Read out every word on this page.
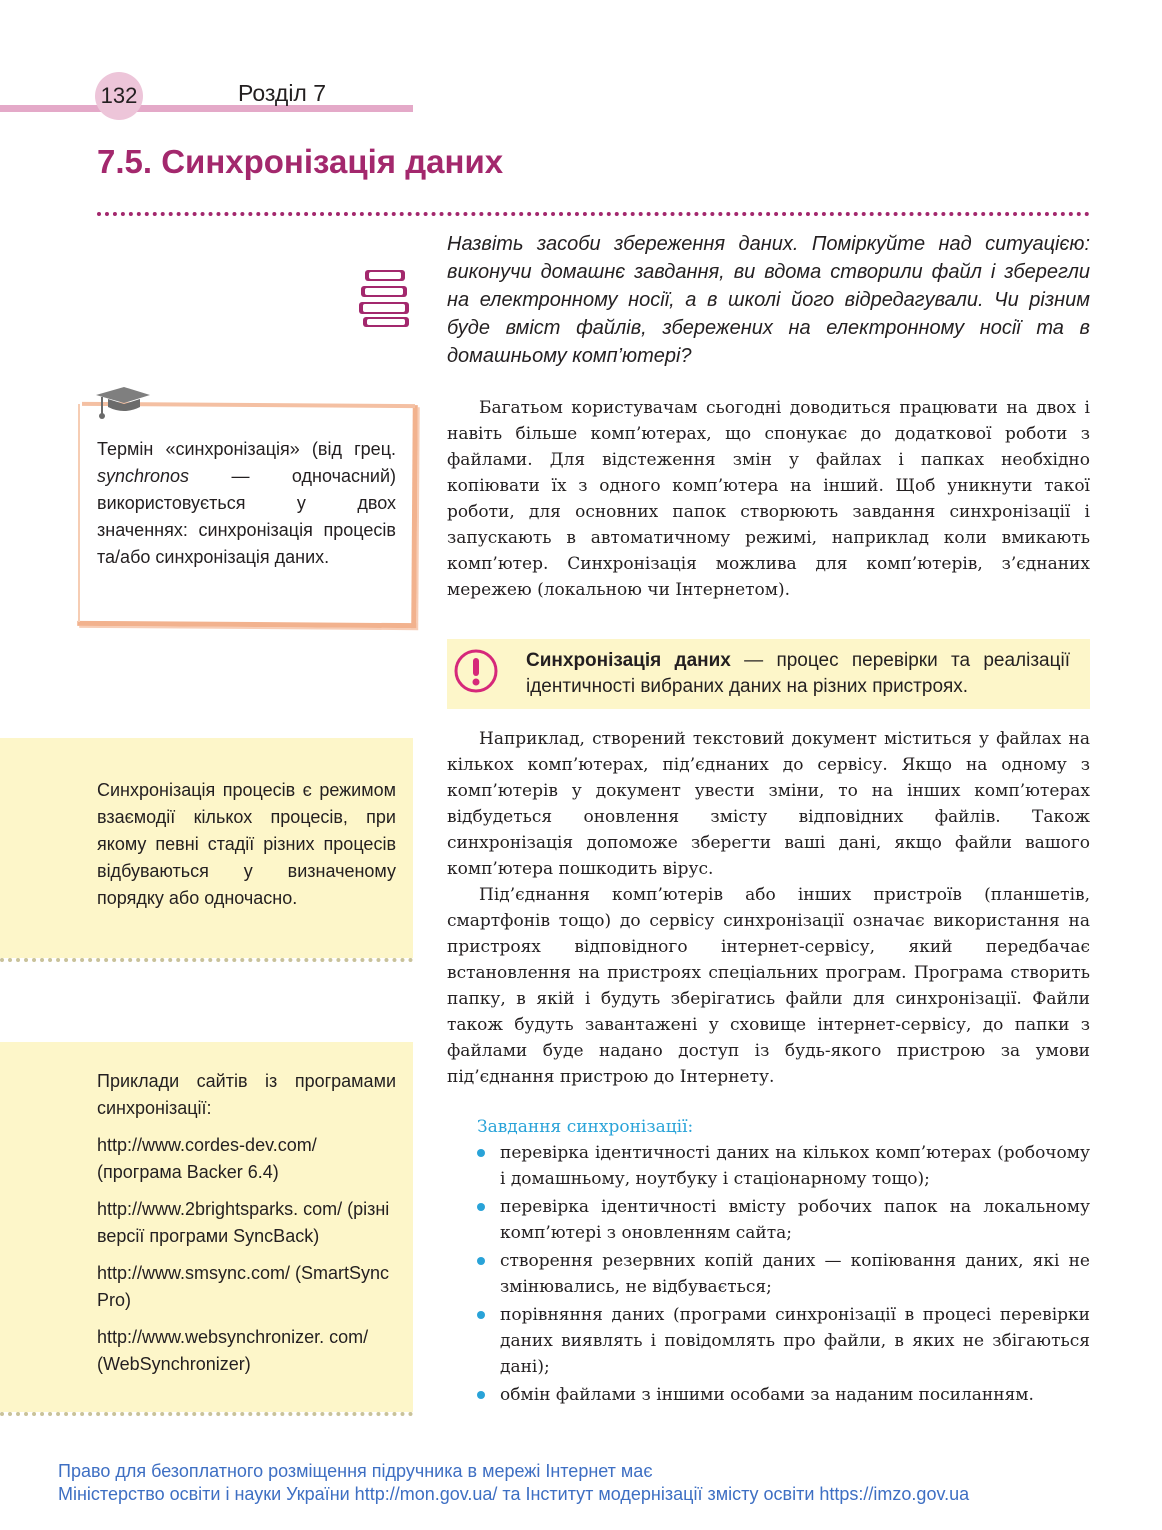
132	Розділ 7
7.5. Синхронізація даних

Назвіть засоби збереження даних. Поміркуйте над ситуацією: виконучи домашнє завдання, ви вдома створили файл і зберегли на електронному носії, а в школі його відредагували. Чи різним буде вміст файлів, збережених на електронному носії та в домашньому комп’ютері?

Термін «синхронізація» (від грец. synchronos — одночасний) використовується у двох значеннях: синхронізація процесів та/або синхронізація даних.

Багатьом користувачам сьогодні доводиться працювати на двох і навіть більше комп’ютерах, що спонукає до додаткової роботи з файлами. Для відстеження змін у файлах і папках необхідно копіювати їх з одного комп’ютера на інший. Щоб уникнути такої роботи, для основних папок створюють завдання синхронізації і запускають в автоматичному режимі, наприклад коли вмикають комп’ютер. Синхронізація можлива для комп’ютерів, з’єднаних мережею (локальною чи Інтернетом).

Синхронізація даних — процес перевірки та реалізації ідентичності вибраних даних на різних пристроях.

Наприклад, створений текстовий документ міститься у файлах на кількох комп’ютерах, під’єднаних до сервісу. Якщо на одному з комп’ютерів у документ увести зміни, то на інших комп’ютерах відбудеться оновлення змісту відповідних файлів. Також синхронізація допоможе зберегти ваші дані, якщо файли вашого комп’ютера пошкодить вірус.

Під’єднання комп’ютерів або інших пристроїв (планшетів, смартфонів тощо) до сервісу синхронізації означає використання на пристроях відповідного інтернет-сервісу, який передбачає встановлення на пристроях спеціальних програм. Програма створить папку, в якій і будуть зберігатись файли для синхронізації. Файли також будуть завантажені у сховище інтернет-сервісу, до папки з файлами буде надано доступ із будь-якого пристрою за умови під’єднання пристрою до Інтернету.

Синхронізація процесів є режимом взаємодії кількох процесів, при якому певні стадії різних процесів відбуваються у визначеному порядку або одночасно.

Приклади сайтів із програмами синхронізації:

http://www.cordes-dev.com/ (програма Backer 6.4)

http://www.2brightsparks. com/ (різні версії програми SyncBack)

http://www.smsync.com/ (SmartSync Pro)

http://www.websynchronizer. com/ (WebSynchronizer)

Завдання синхронізації:

перевірка ідентичності даних на кількох комп’ютерах (робочому і домашньому, ноутбуку і стаціонарному тощо);
перевірка ідентичності вмісту робочих папок на локальному комп’ютері з оновленням сайта;
створення резервних копій даних — копіювання даних, які не змінювались, не відбувається;
порівняння даних (програми синхронізації в процесі перевірки даних виявлять і повідомлять про файли, в яких не збігаються дані);
обмін файлами з іншими особами за наданим посиланням.
Право для безоплатного розміщення підручника в мережі Інтернет має
Міністерство освіти і науки України http://mon.gov.ua/ та Інститут модернізації змісту освіти https://imzo.gov.ua
